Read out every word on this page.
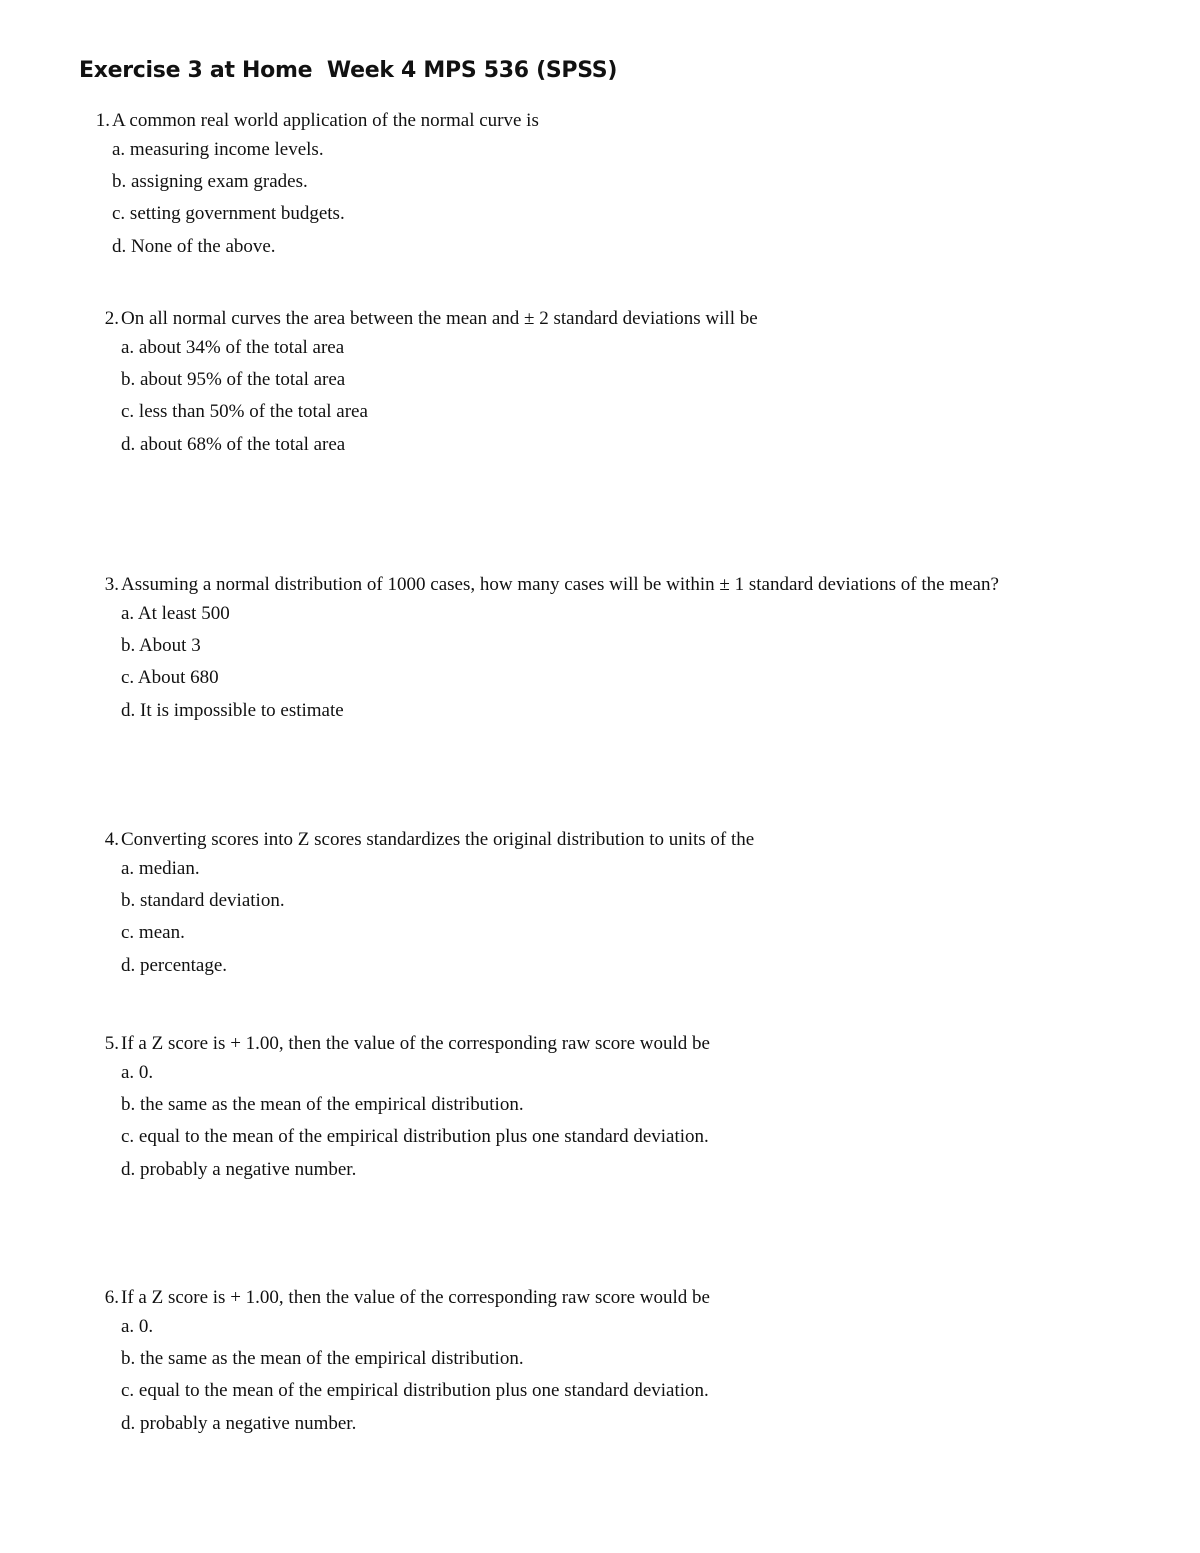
Exercise 3 at Home  Week 4 MPS 536 (SPSS)
1. A common real world application of the normal curve is
a. measuring income levels.
b. assigning exam grades.
c. setting government budgets.
d. None of the above.
2. On all normal curves the area between the mean and ± 2 standard deviations will be
a. about 34% of the total area
b. about 95% of the total area
c. less than 50% of the total area
d. about 68% of the total area
3. Assuming a normal distribution of 1000 cases, how many cases will be within ± 1 standard deviations of the mean?
a. At least 500
b. About 3
c. About 680
d. It is impossible to estimate
4. Converting scores into Z scores standardizes the original distribution to units of the
a. median.
b. standard deviation.
c. mean.
d. percentage.
5. If a Z score is + 1.00, then the value of the corresponding raw score would be
a. 0.
b. the same as the mean of the empirical distribution.
c. equal to the mean of the empirical distribution plus one standard deviation.
d. probably a negative number.
6. If a Z score is + 1.00, then the value of the corresponding raw score would be
a. 0.
b. the same as the mean of the empirical distribution.
c. equal to the mean of the empirical distribution plus one standard deviation.
d. probably a negative number.
